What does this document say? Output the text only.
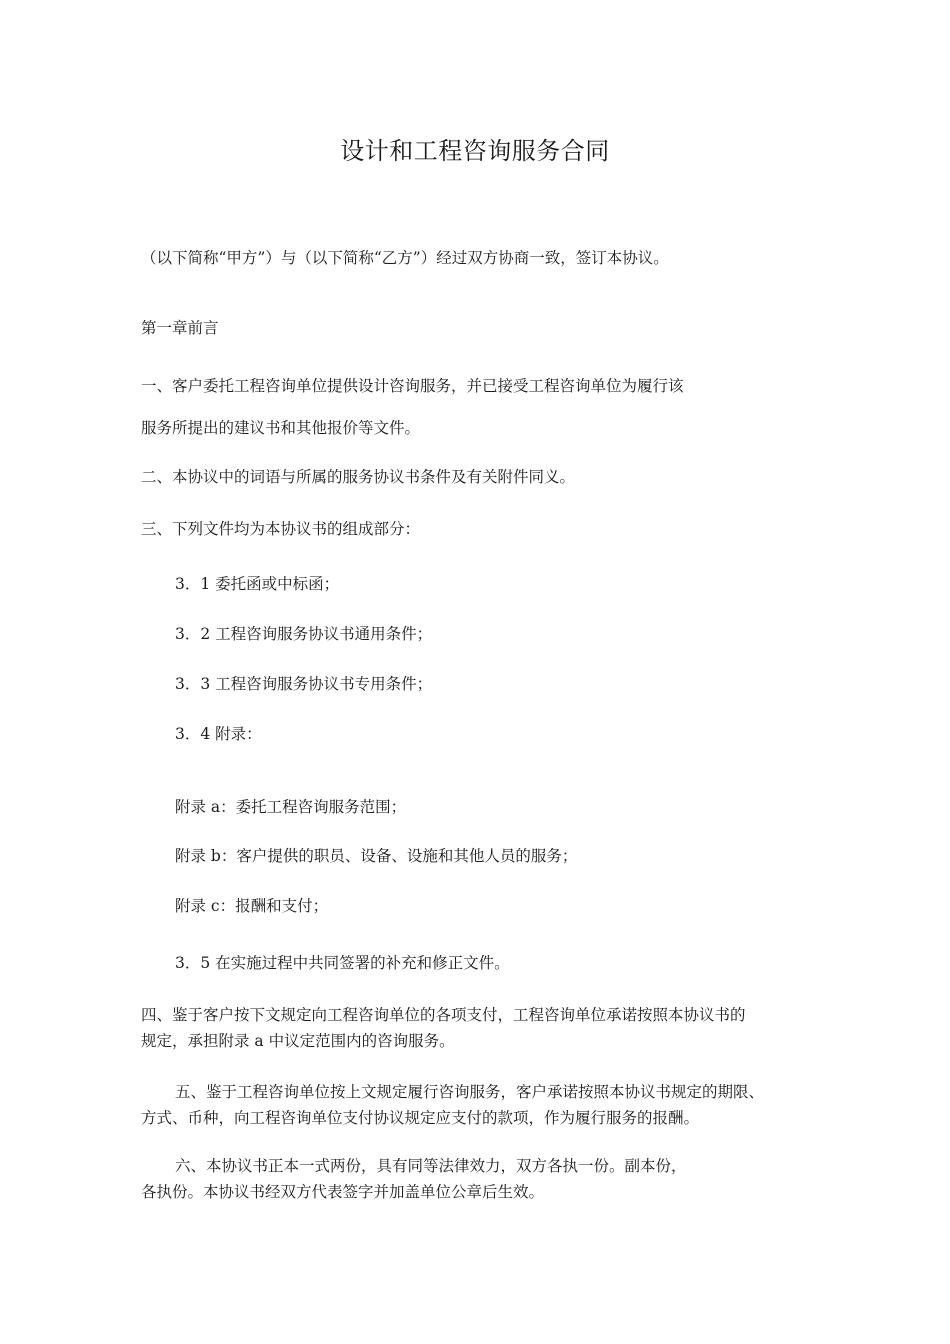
设计和工程咨询服务合同
（以下简称“甲方”）与（以下简称“乙方”）经过双方协商一致，签订本协议。
第一章前言
一、客户委托工程咨询单位提供设计咨询服务，并已接受工程咨询单位为履行该
服务所提出的建议书和其他报价等文件。
二、本协议中的词语与所属的服务协议书条件及有关附件同义。
三、下列文件均为本协议书的组成部分：
3．1 委托函或中标函；
3．2 工程咨询服务协议书通用条件；
3．3 工程咨询服务协议书专用条件；
3．4 附录：
附录 a：委托工程咨询服务范围；
附录 b：客户提供的职员、设备、设施和其他人员的服务；
附录 c：报酬和支付；
3．5 在实施过程中共同签署的补充和修正文件。
四、鉴于客户按下文规定向工程咨询单位的各项支付，工程咨询单位承诺按照本协议书的
规定，承担附录 a 中议定范围内的咨询服务。
五、鉴于工程咨询单位按上文规定履行咨询服务，客户承诺按照本协议书规定的期限、
方式、币种，向工程咨询单位支付协议规定应支付的款项，作为履行服务的报酬。
六、本协议书正本一式两份，具有同等法律效力，双方各执一份。副本份，
各执份。本协议书经双方代表签字并加盖单位公章后生效。
